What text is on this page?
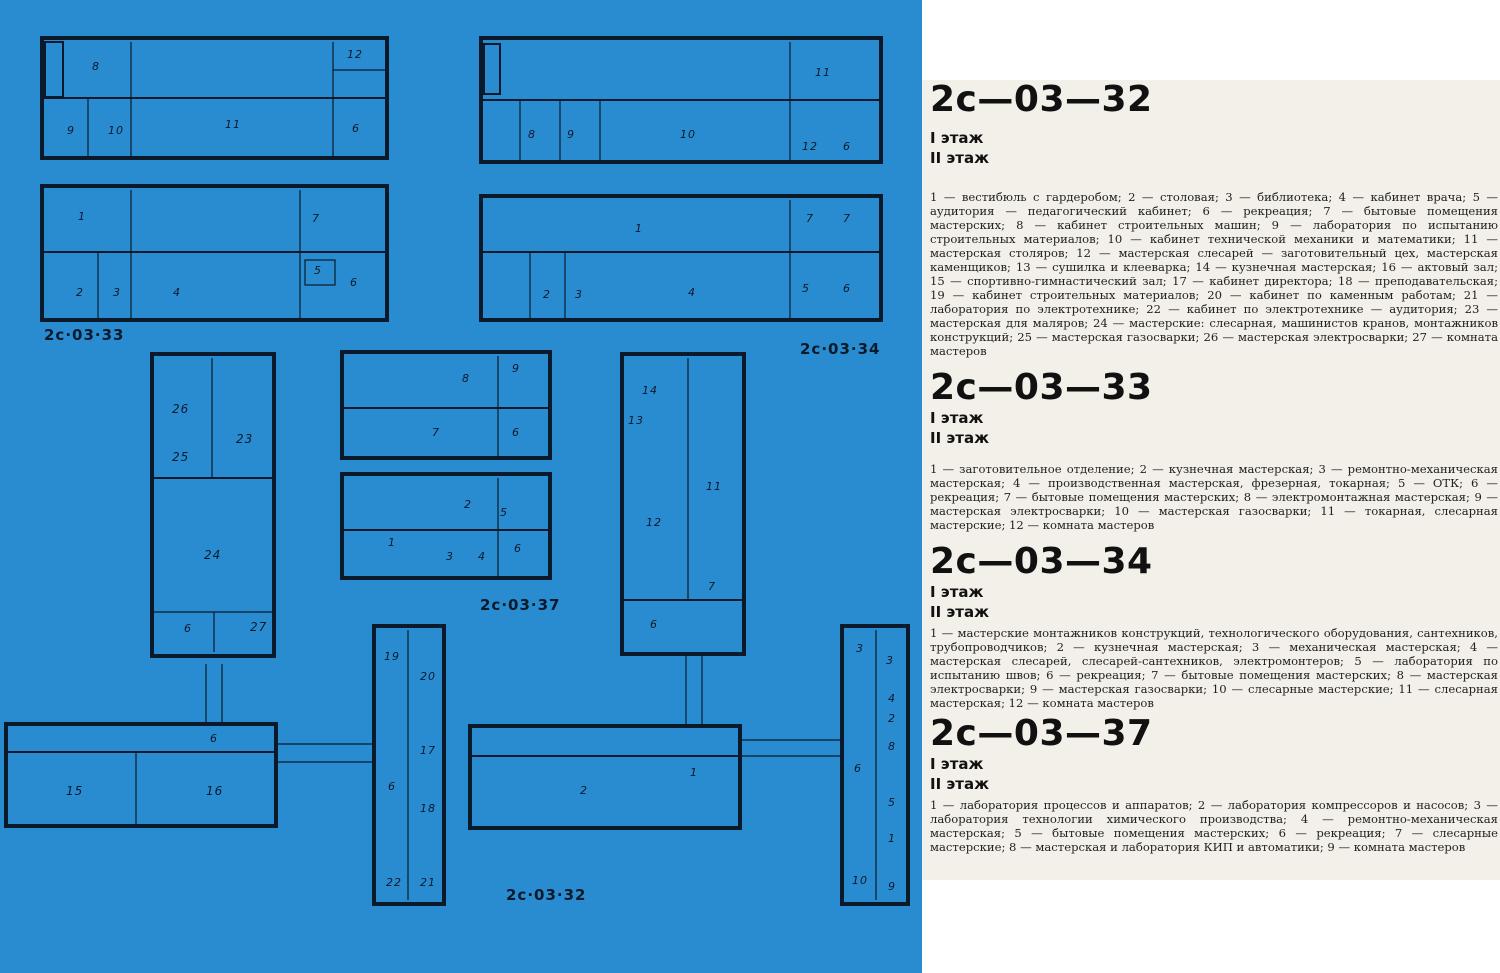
8
12
9	10	11	6
1	7
2	3	4
5
6
11
8	9	10
12 6
1
7	7
2 3	4	5	6
26
23
25
24
6	27
8
9
7	6
2
5
1
3 4
6
14
13
11
12
7
6
19
20
17
6
18
22 21
15	16
6
1
2
3
3
4
2
8
6
5
1
10 9
2с·03·33
2с·03·34
2с·03·37
2с·03·32
2с—03—32
I этаж
II этаж
1 — вестибюль с гардеробом; 2 — столовая; 3 — библиотека; 4 — кабинет врача; 5 — аудитория — педагогический кабинет; 6 — рекреация; 7 — бытовые помещения мастерских; 8 — кабинет строительных машин; 9 — лаборатория по испытанию строительных материалов; 10 — кабинет технической механики и математики; 11 — мастерская столяров; 12 — мастерская слесарей — заготовительный цех, мастерская каменщиков; 13 — сушилка и клееварка; 14 — кузнечная мастерская; 16 — актовый зал; 15 — спортивно-гимнастический зал; 17 — кабинет директора; 18 — преподавательская; 19 — кабинет строительных материалов; 20 — кабинет по каменным работам; 21 — лаборатория по электротехнике; 22 — кабинет по электротехнике — аудитория; 23 — мастерская для маляров; 24 — мастерские: слесарная, машинистов кранов, монтажников конструкций; 25 — мастерская газосварки; 26 — мастерская электросварки; 27 — комната мастеров
2с—03—33
I этаж
II этаж
1 — заготовительное отделение; 2 — кузнечная мастерская; 3 — ремонтно-механическая мастерская; 4 — производственная мастерская, фрезерная, токарная; 5 — ОТК; 6 — рекреация; 7 — бытовые помещения мастерских; 8 — электромонтажная мастерская; 9 — мастерская электросварки; 10 — мастерская газосварки; 11 — токарная, слесарная мастерские; 12 — комната мастеров
2с—03—34
I этаж
II этаж
1 — мастерские монтажников конструкций, технологического оборудования, сантехников, трубопроводчиков; 2 — кузнечная мастерская; 3 — механическая мастерская; 4 — мастерская слесарей, слесарей-сантехников, электромонтеров; 5 — лаборатория по испытанию швов; 6 — рекреация; 7 — бытовые помещения мастерских; 8 — мастерская электросварки; 9 — мастерская газосварки; 10 — слесарные мастерские; 11 — слесарная мастерская; 12 — комната мастеров
2с—03—37
I этаж
II этаж
1 — лаборатория процессов и аппаратов; 2 — лаборатория компрессоров и насосов; 3 — лаборатория технологии химического производства; 4 — ремонтно-механическая мастерская; 5 — бытовые помещения мастерских; 6 — рекреация; 7 — слесарные мастерские; 8 — мастерская и лаборатория КИП и автоматики; 9 — комната мастеров
